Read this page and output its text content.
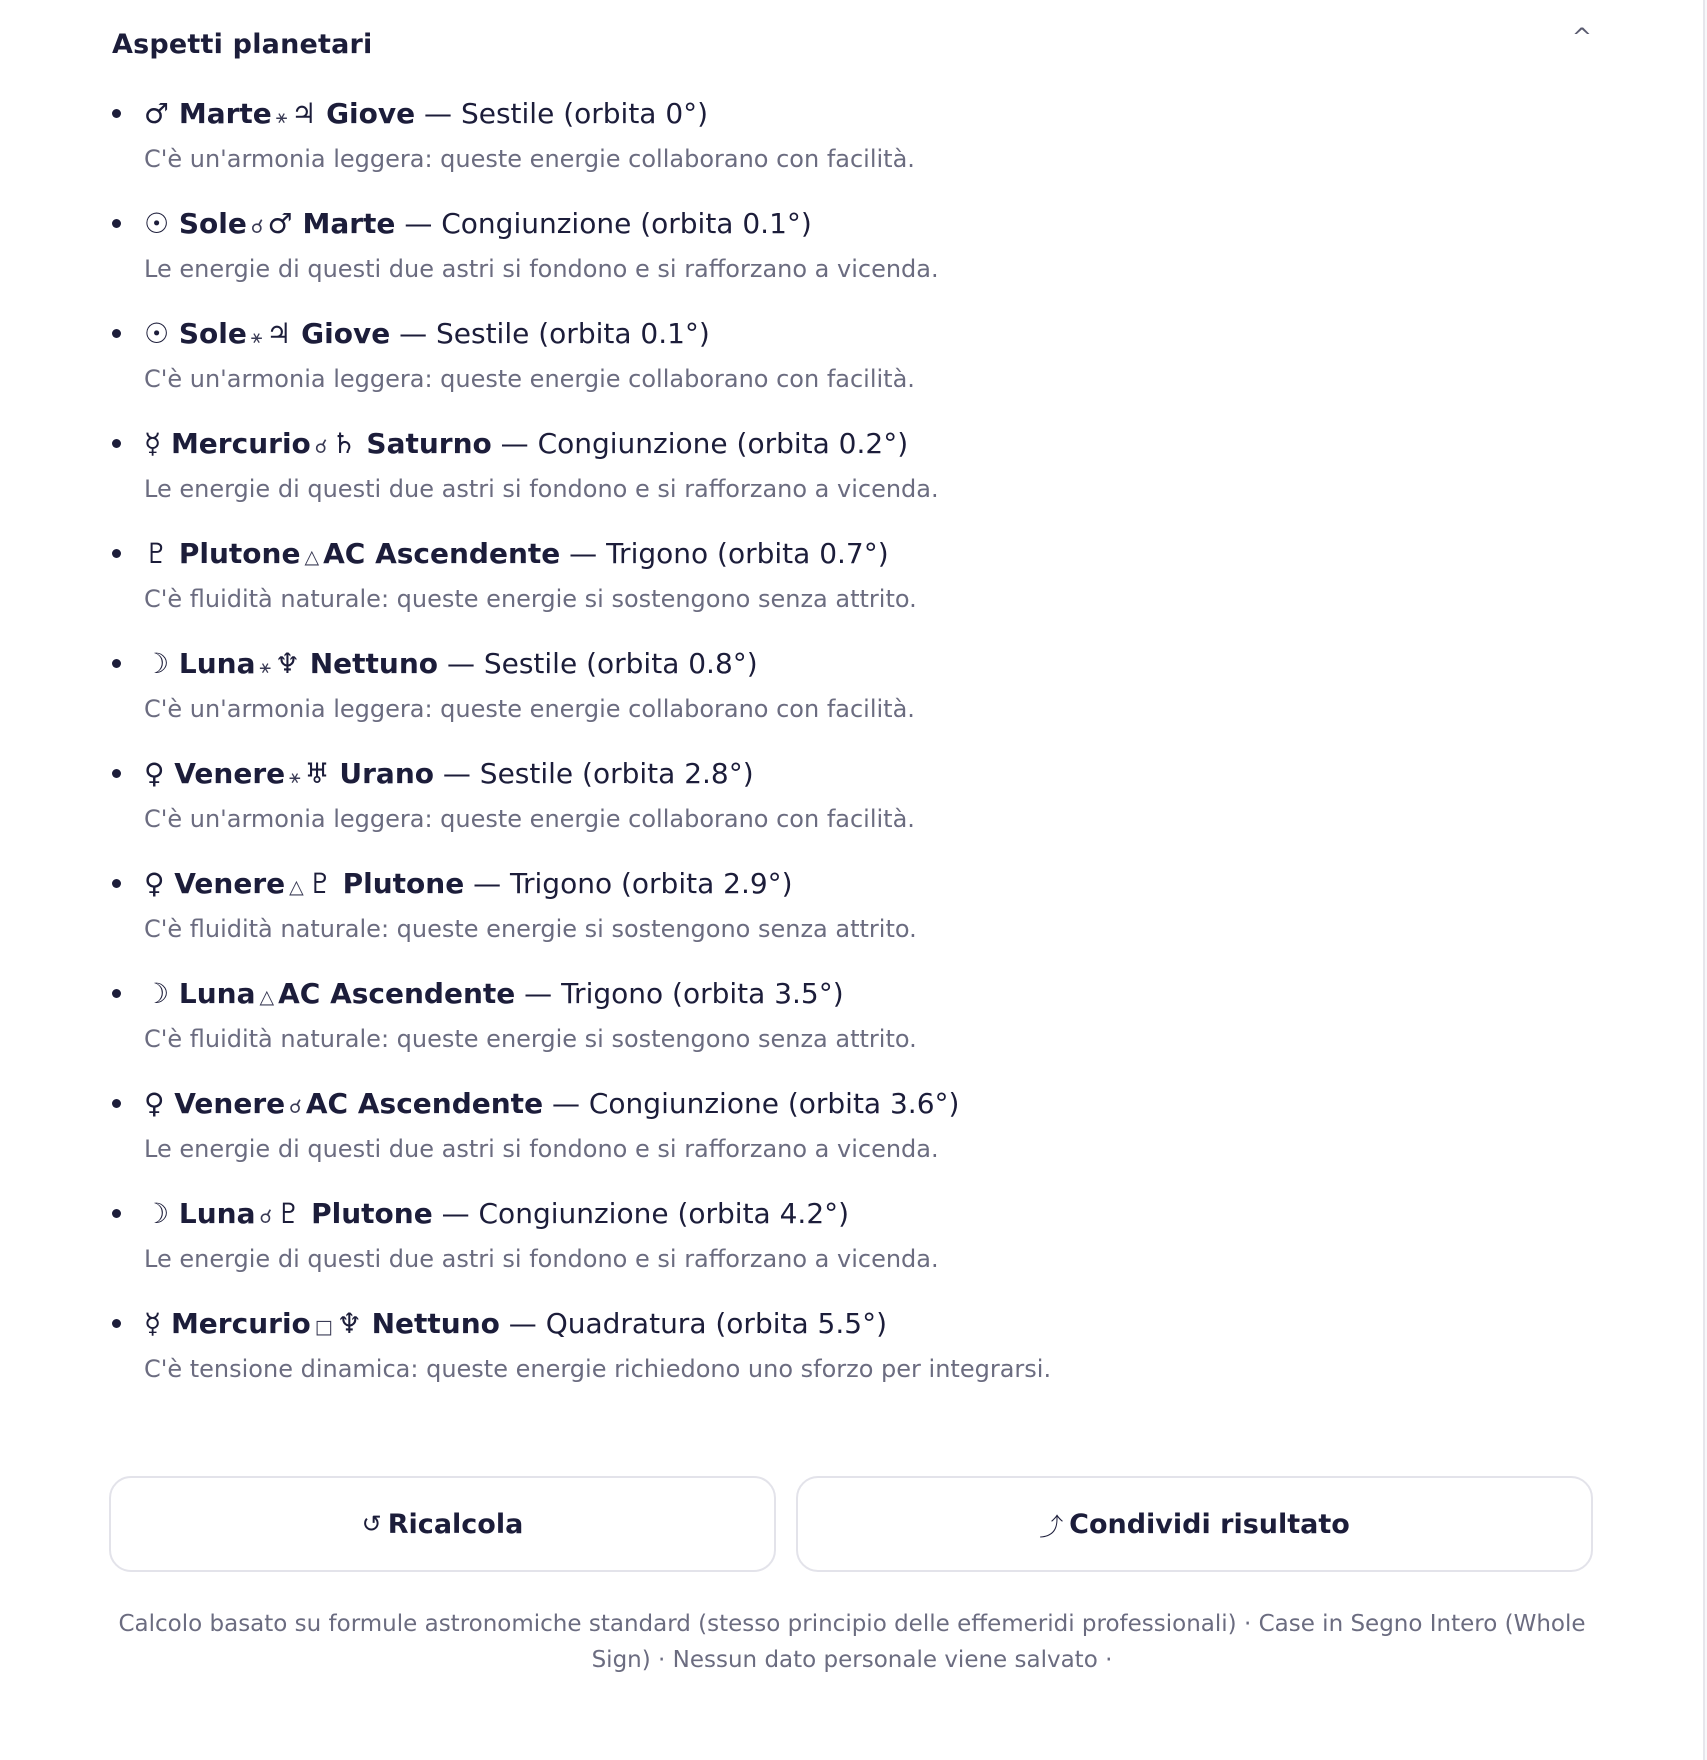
Aspetti planetari	^
♂ Marte ⚹ ♃ Giove — Sestile (orbita 0°)
C'è un'armonia leggera: queste energie collaborano con facilità.
☉ Sole ☌ ♂ Marte — Congiunzione (orbita 0.1°)
Le energie di questi due astri si fondono e si rafforzano a vicenda.
☉ Sole ⚹ ♃ Giove — Sestile (orbita 0.1°)
C'è un'armonia leggera: queste energie collaborano con facilità.
☿ Mercurio ☌ ♄ Saturno — Congiunzione (orbita 0.2°)
Le energie di questi due astri si fondono e si rafforzano a vicenda.
♇ Plutone △ AC Ascendente — Trigono (orbita 0.7°)
C'è fluidità naturale: queste energie si sostengono senza attrito.
☽ Luna ⚹ ♆ Nettuno — Sestile (orbita 0.8°)
C'è un'armonia leggera: queste energie collaborano con facilità.
♀ Venere ⚹ ♅ Urano — Sestile (orbita 2.8°)
C'è un'armonia leggera: queste energie collaborano con facilità.
♀ Venere △ ♇ Plutone — Trigono (orbita 2.9°)
C'è fluidità naturale: queste energie si sostengono senza attrito.
☽ Luna △ AC Ascendente — Trigono (orbita 3.5°)
C'è fluidità naturale: queste energie si sostengono senza attrito.
♀ Venere ☌ AC Ascendente — Congiunzione (orbita 3.6°)
Le energie di questi due astri si fondono e si rafforzano a vicenda.
☽ Luna ☌ ♇ Plutone — Congiunzione (orbita 4.2°)
Le energie di questi due astri si fondono e si rafforzano a vicenda.
☿ Mercurio □ ♆ Nettuno — Quadratura (orbita 5.5°)
C'è tensione dinamica: queste energie richiedono uno sforzo per integrarsi.
↺ Ricalcola	⤴ Condividi risultato
Calcolo basato su formule astronomiche standard (stesso principio delle effemeridi professionali) · Case in Segno Intero (Whole Sign) · Nessun dato personale viene salvato ·
